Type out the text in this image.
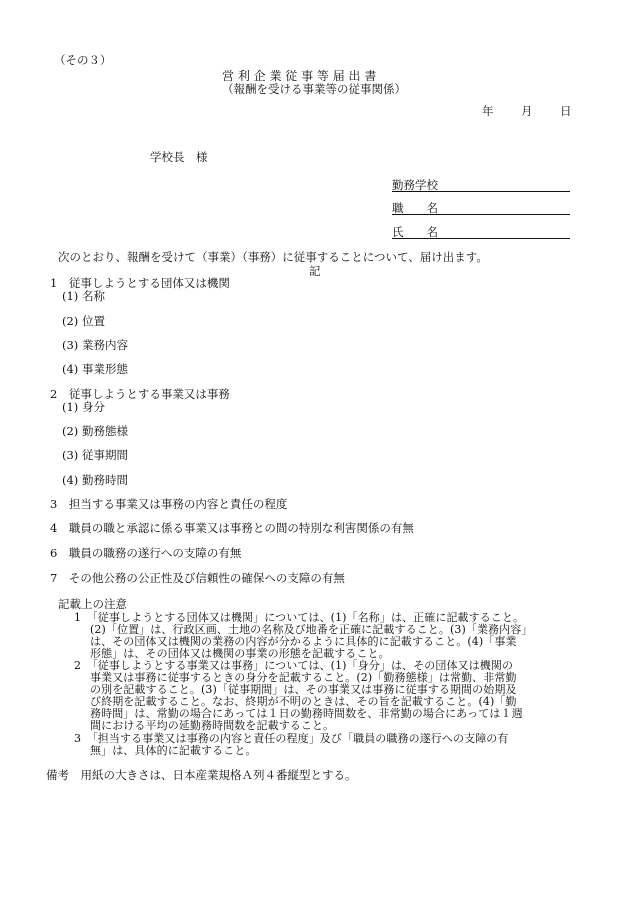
（その３）
営 利 企 業 従 事 等 届 出 書
（報酬を受ける事業等の従事関係）
年 月 日
学校長　様
勤務学校
職　　名
氏　　名
次のとおり、報酬を受けて（事業）（事務）に従事することについて、届け出ます。
記
1　従事しようとする団体又は機関
(1) 名称
(2) 位置
(3) 業務内容
(4) 事業形態
2　従事しようとする事業又は事務
(1) 身分
(2) 勤務態様
(3) 従事期間
(4) 勤務時間
3　担当する事業又は事務の内容と責任の程度
4　職員の職と承認に係る事業又は事務との間の特別な利害関係の有無
6　職員の職務の遂行への支障の有無
7　その他公務の公正性及び信頼性の確保への支障の有無
記載上の注意
1　「従事しようとする団体又は機関」については、(1)「名称」は、正確に記載すること。
(2)「位置」は、行政区画、土地の名称及び地番を正確に記載すること。(3)「業務内容」
は、その団体又は機関の業務の内容が分かるように具体的に記載すること。(4)「事業
形態」は、その団体又は機関の事業の形態を記載すること。
2　「従事しようとする事業又は事務」については、(1)「身分」は、その団体又は機関の
事業又は事務に従事するときの身分を記載すること。(2)「勤務態様」は常勤、非常勤
の別を記載すること。(3)「従事期間」は、その事業又は事務に従事する期間の始期及
び終期を記載すること。なお、終期が不明のときは、その旨を記載すること。(4)「勤
務時間」は、常勤の場合にあっては１日の勤務時間数を、非常勤の場合にあっては１週
間における平均の延勤務時間数を記載すること。
3　「担当する事業又は事務の内容と責任の程度」及び「職員の職務の遂行への支障の有
無」は、具体的に記載すること。
備考　用紙の大きさは、日本産業規格Ａ列４番縦型とする。
